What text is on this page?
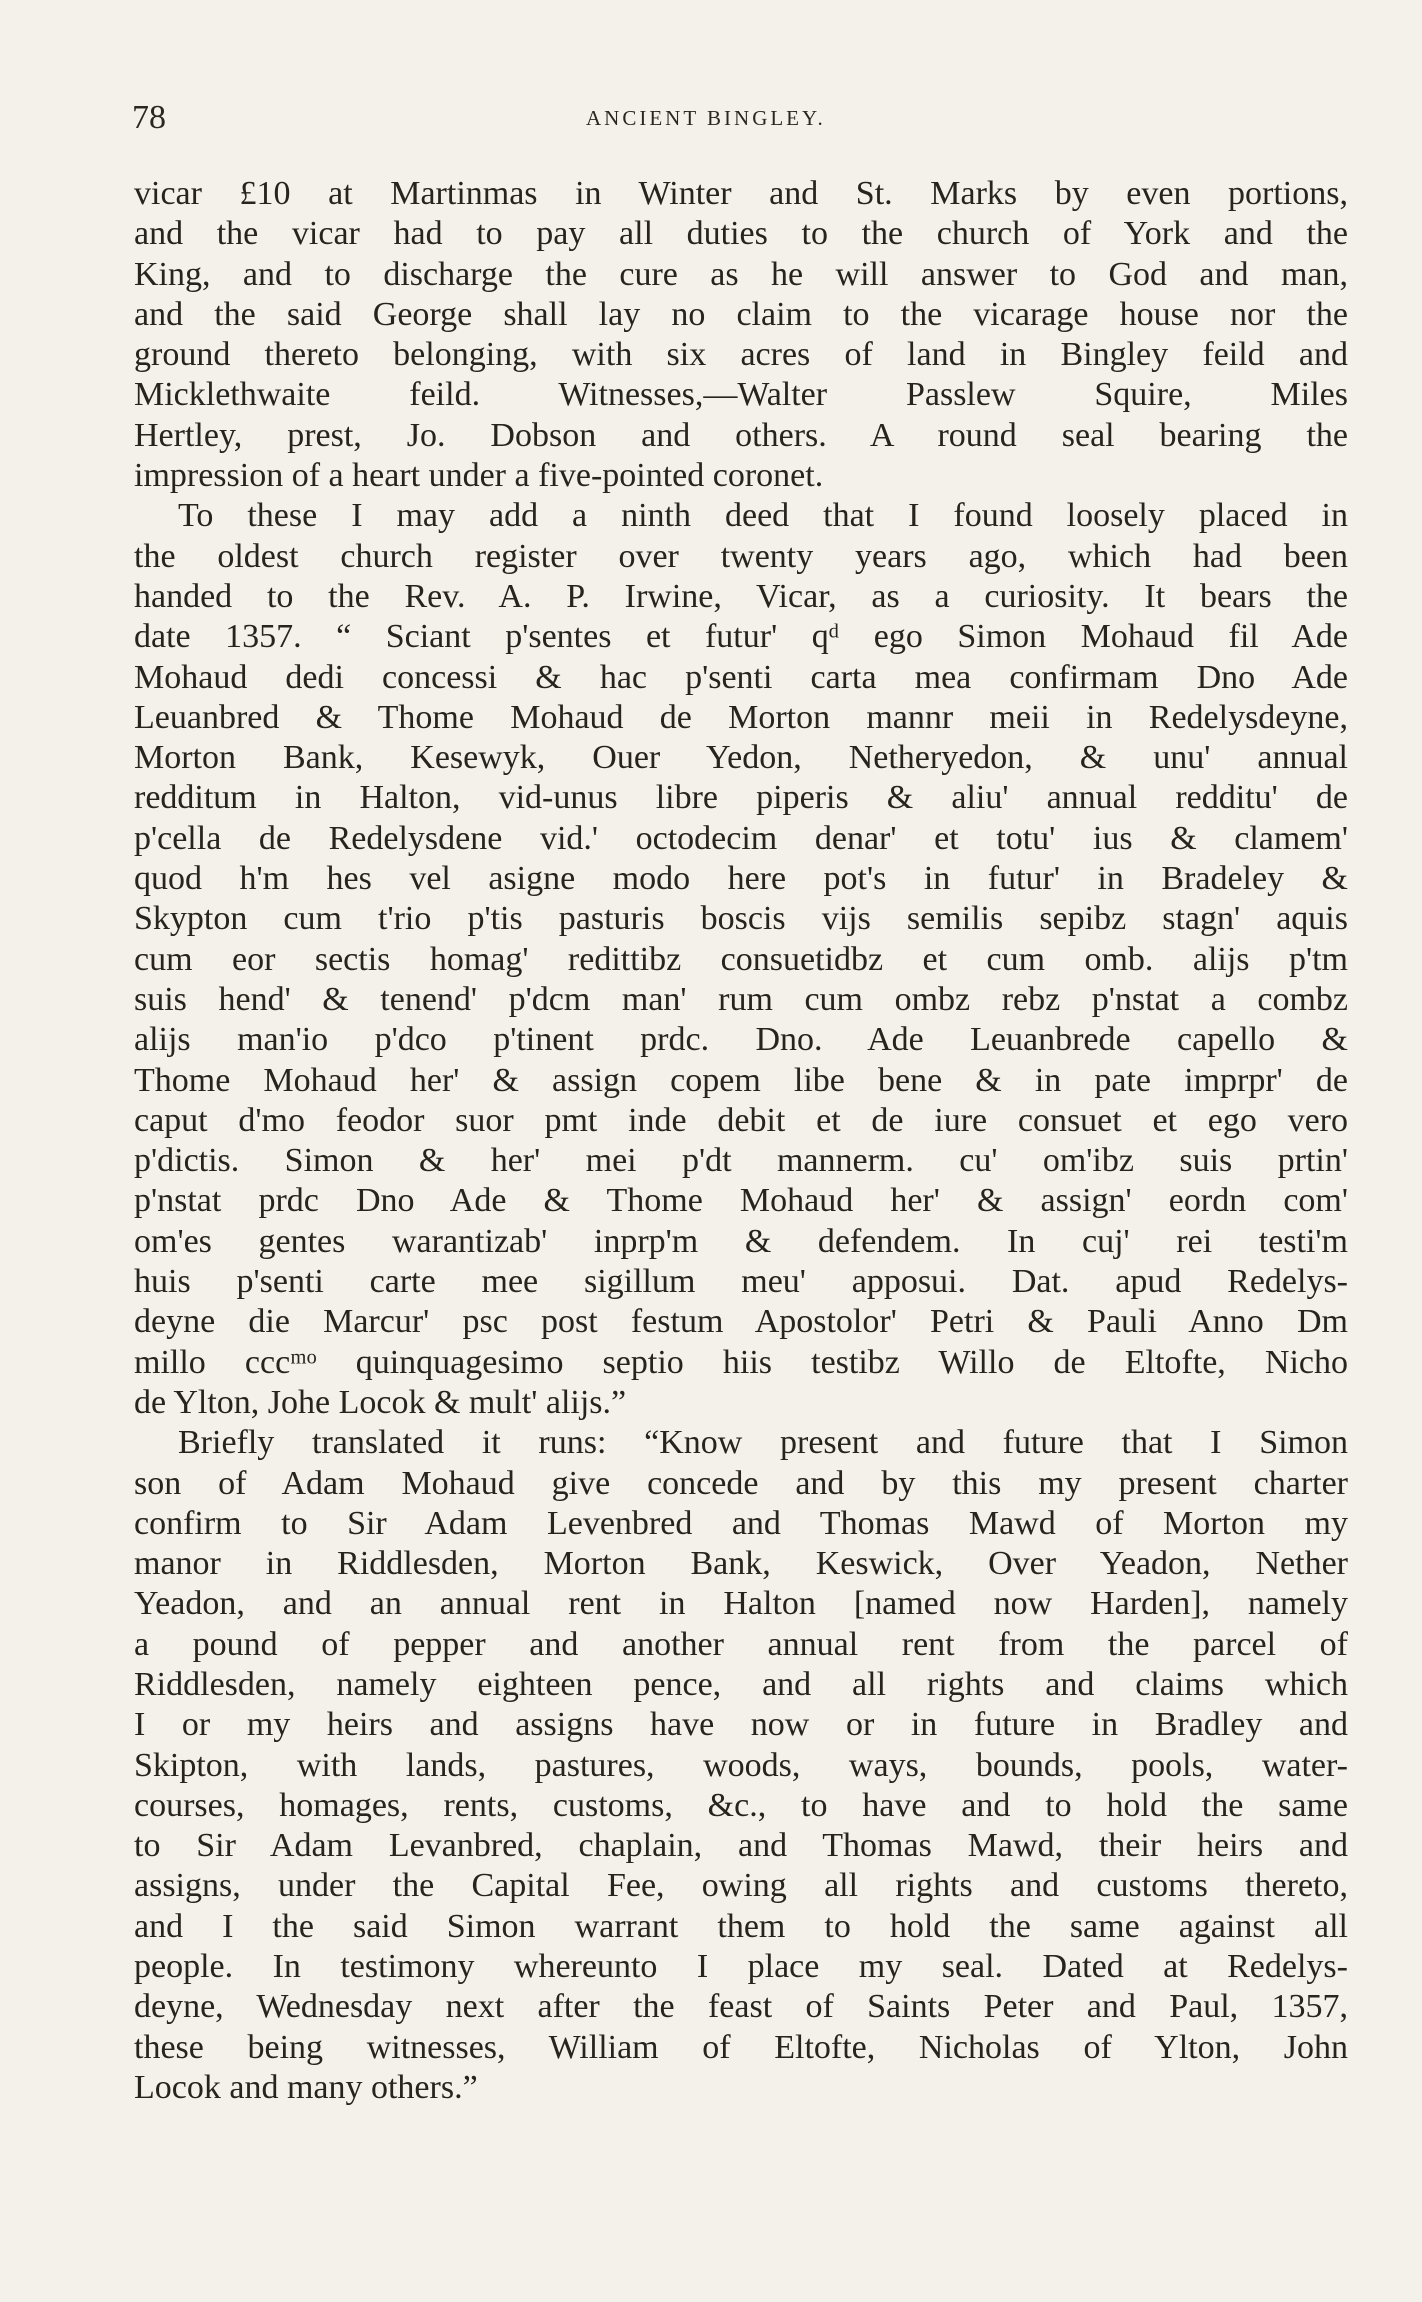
78	ANCIENT BINGLEY.
vicar £10 at Martinmas in Winter and St. Marks by even portions,
and the vicar had to pay all duties to the church of York and the
King, and to discharge the cure as he will answer to God and man,
and the said George shall lay no claim to the vicarage house nor the
ground thereto belonging, with six acres of land in Bingley feild and
Micklethwaite feild. Witnesses,—Walter Passlew Squire, Miles
Hertley, prest, Jo. Dobson and others. A round seal bearing the
impression of a heart under a five-pointed coronet.
To these I may add a ninth deed that I found loosely placed in
the oldest church register over twenty years ago, which had been
handed to the Rev. A. P. Irwine, Vicar, as a curiosity. It bears the
date 1357. “ Sciant p'sentes et futur' qᵈ ego Simon Mohaud fil Ade
Mohaud dedi concessi & hac p'senti carta mea confirmam Dno Ade
Leuanbred & Thome Mohaud de Morton mannr meii in Redelysdeyne,
Morton Bank, Kesewyk, Ouer Yedon, Netheryedon, & unu' annual
redditum in Halton, vid-unus libre piperis & aliu' annual redditu' de
p'cella de Redelysdene vid.' octodecim denar' et totu' ius & clamem'
quod h'm hes vel asigne modo here pot's in futur' in Bradeley &
Skypton cum t'rio p'tis pasturis boscis vijs semilis sepibz stagn' aquis
cum eor sectis homag' redittibz consuetidbz et cum omb. alijs p'tm
suis hend' & tenend' p'dcm man' rum cum ombz rebz p'nstat a combz
alijs man'io p'dco p'tinent prdc. Dno. Ade Leuanbrede capello &
Thome Mohaud her' & assign copem libe bene & in pate imprpr' de
caput d'mo feodor suor pmt inde debit et de iure consuet et ego vero
p'dictis. Simon & her' mei p'dt mannerm. cu' om'ibz suis prtin'
p'nstat prdc Dno Ade & Thome Mohaud her' & assign' eordn com'
om'es gentes warantizab' inprp'm & defendem. In cuj' rei testi'm
huis p'senti carte mee sigillum meu' apposui. Dat. apud Redelys-
deyne die Marcur' psc post festum Apostolor' Petri & Pauli Anno Dm
millo cccᵐᵒ quinquagesimo septio hiis testibz Willo de Eltofte, Nicho
de Ylton, Johe Locok & mult' alijs.”
Briefly translated it runs: “Know present and future that I Simon
son of Adam Mohaud give concede and by this my present charter
confirm to Sir Adam Levenbred and Thomas Mawd of Morton my
manor in Riddlesden, Morton Bank, Keswick, Over Yeadon, Nether
Yeadon, and an annual rent in Halton [named now Harden], namely
a pound of pepper and another annual rent from the parcel of
Riddlesden, namely eighteen pence, and all rights and claims which
I or my heirs and assigns have now or in future in Bradley and
Skipton, with lands, pastures, woods, ways, bounds, pools, water-
courses, homages, rents, customs, &c., to have and to hold the same
to Sir Adam Levanbred, chaplain, and Thomas Mawd, their heirs and
assigns, under the Capital Fee, owing all rights and customs thereto,
and I the said Simon warrant them to hold the same against all
people. In testimony whereunto I place my seal. Dated at Redelys-
deyne, Wednesday next after the feast of Saints Peter and Paul, 1357,
these being witnesses, William of Eltofte, Nicholas of Ylton, John
Locok and many others.”
